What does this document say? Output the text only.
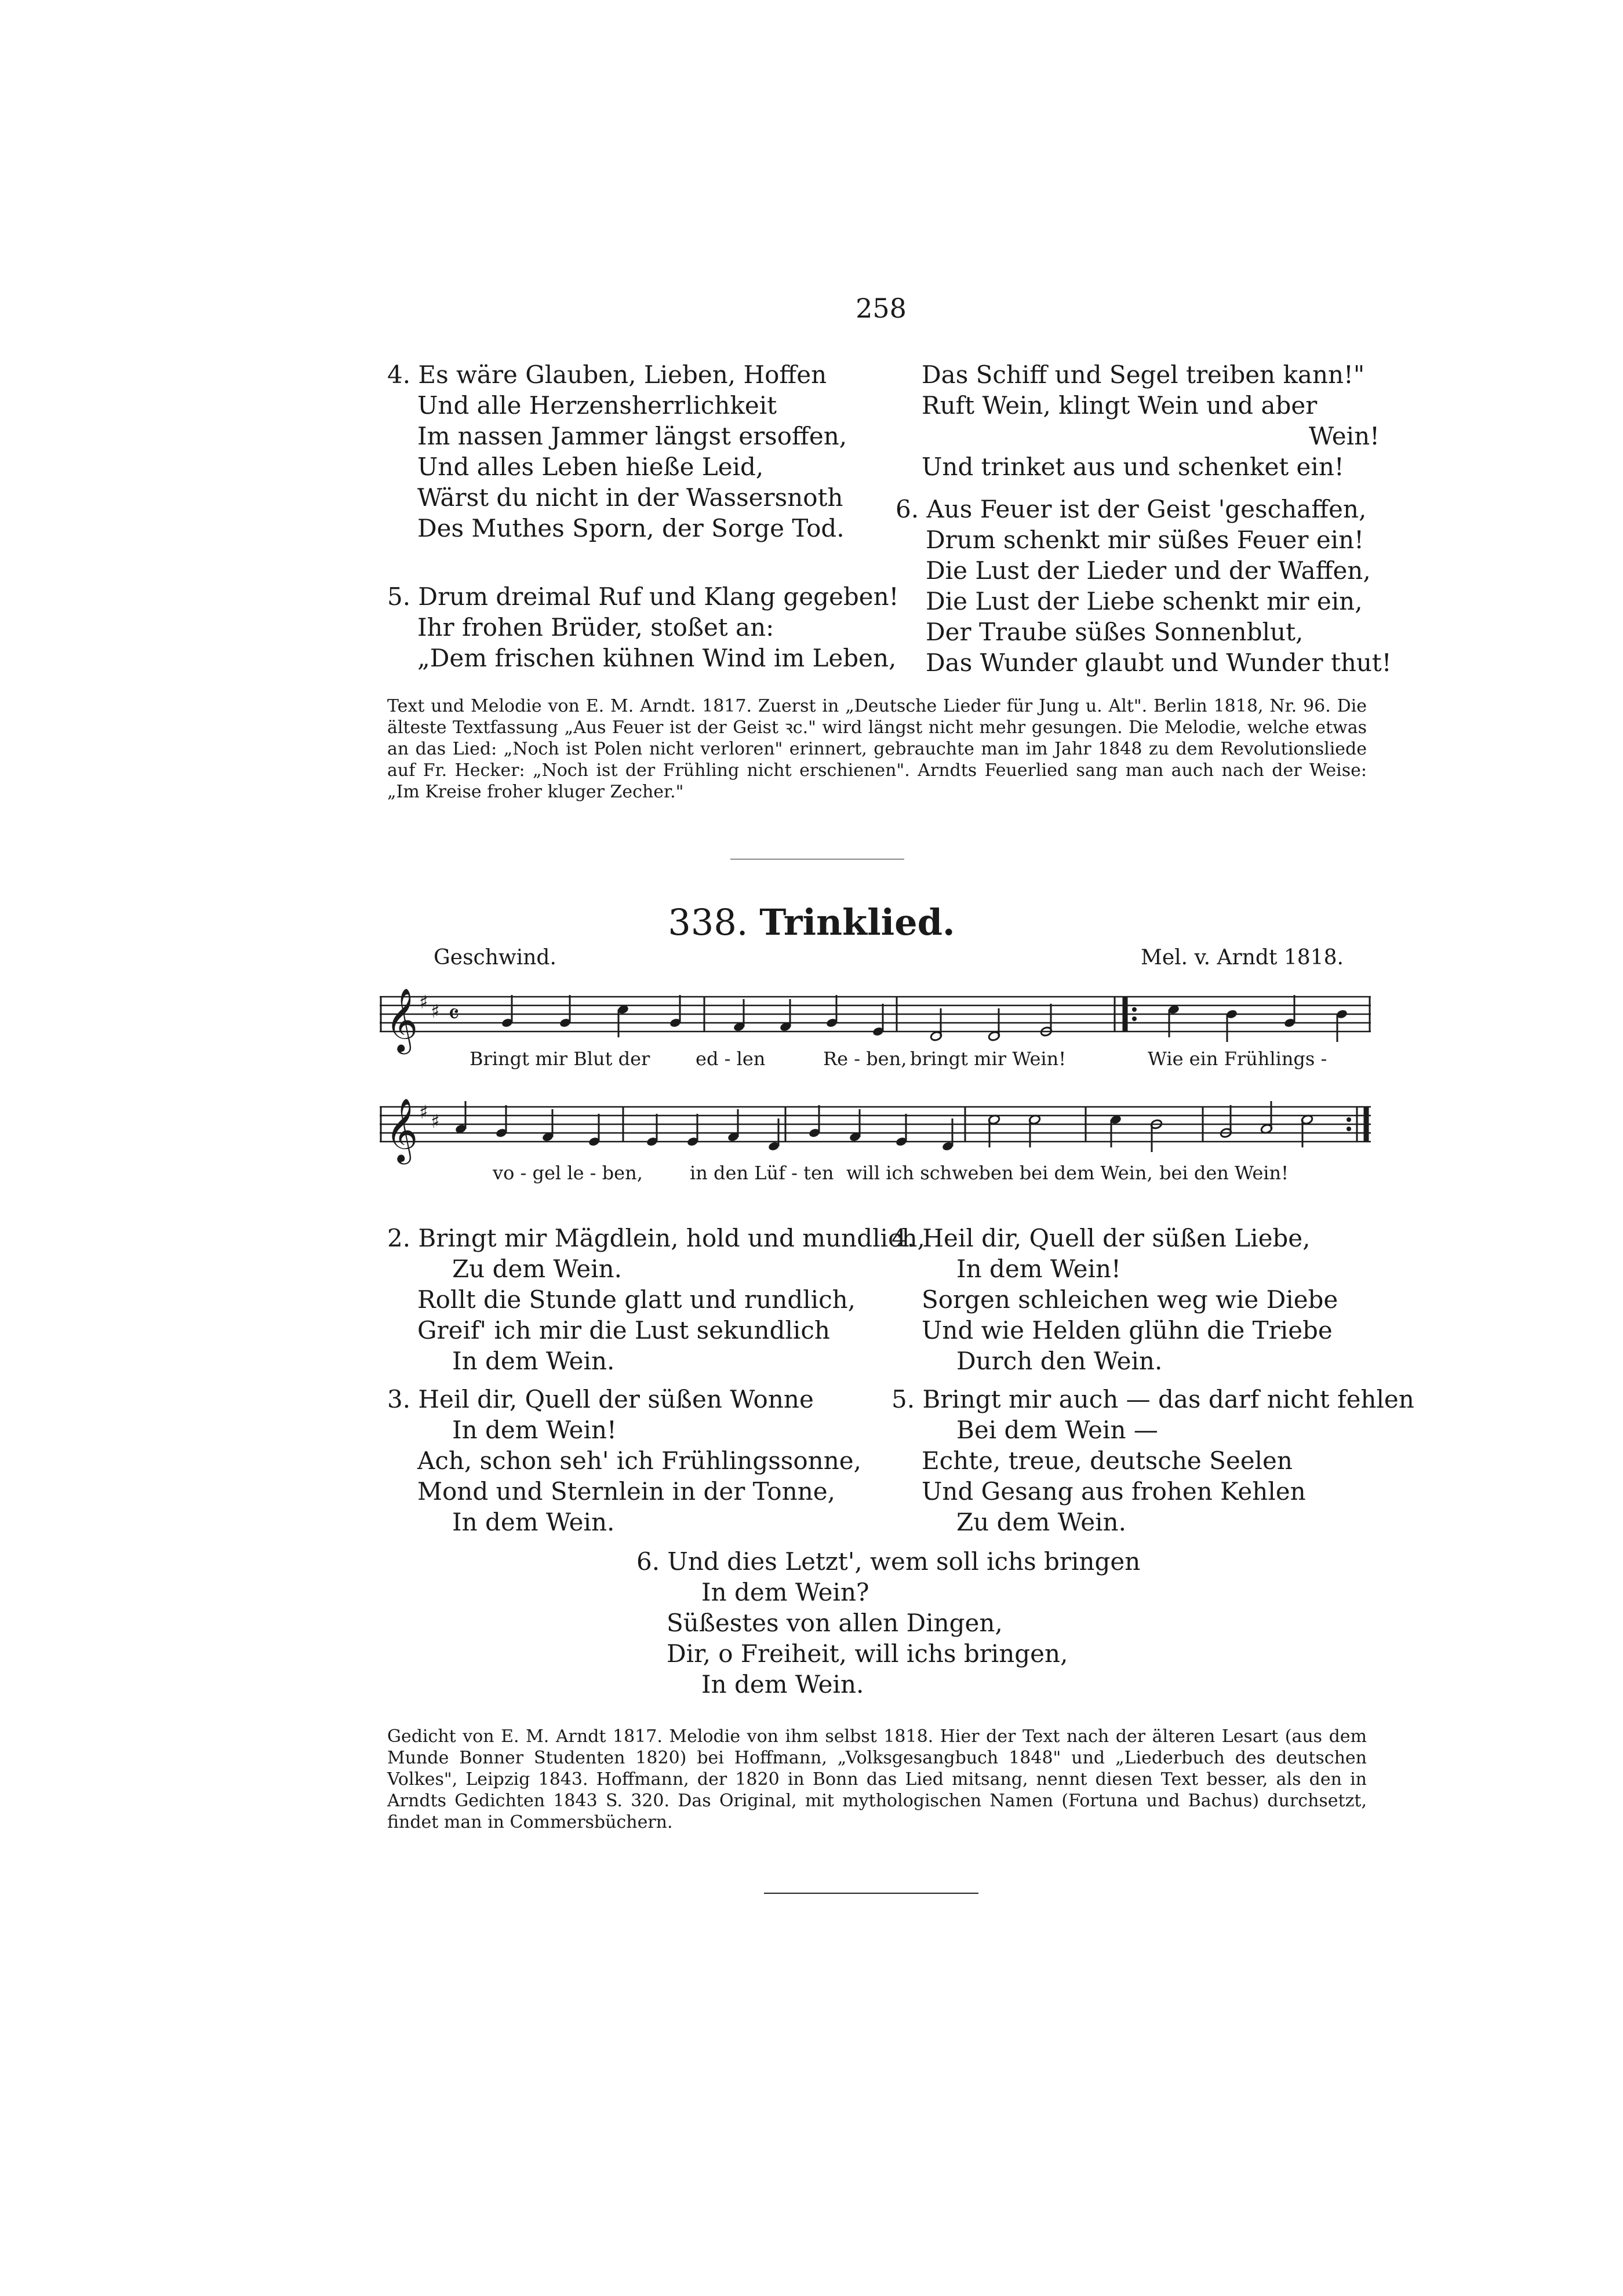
258
4. Es wäre Glauben, Lieben, Hoffen
Und alle Herzensherrlichkeit
Im nassen Jammer längst ersoffen,
Und alles Leben hieße Leid,
Wärst du nicht in der Wassersnoth
Des Muthes Sporn, der Sorge Tod.
5. Drum dreimal Ruf und Klang gegeben!
Ihr frohen Brüder, stoßet an:
„Dem frischen kühnen Wind im Leben,
Das Schiff und Segel treiben kann!"
Ruft Wein, klingt Wein und aber
Wein!
Und trinket aus und schenket ein!
6. Aus Feuer ist der Geist 'geschaffen,
Drum schenkt mir süßes Feuer ein!
Die Lust der Lieder und der Waffen,
Die Lust der Liebe schenkt mir ein,
Der Traube süßes Sonnenblut,
Das Wunder glaubt und Wunder thut!
Text und Melodie von E. M. Arndt. 1817. Zuerst in „Deutsche Lieder für Jung u. Alt". Berlin 1818, Nr. 96. Die älteste Textfassung „Aus Feuer ist der Geist ꝛc." wird längst nicht mehr gesungen. Die Melodie, welche etwas an das Lied: „Noch ist Polen nicht verloren" erinnert, gebrauchte man im Jahr 1848 zu dem Revolutionsliede auf Fr. Hecker: „Noch ist der Frühling nicht erschienen". Arndts Feuerlied sang man auch nach der Weise: „Im Kreise froher kluger Zecher."
338. Trinklied.
Geschwind.	Mel. v. Arndt 1818.
𝄞 ♯ ♯ 𝄴
Bringt mir Blut der ed - len	Re - ben, bringt mir Wein!	Wie ein Frühlings -
𝄞 ♯ ♯
vo - gel le - ben,	in den Lüf - ten will ich schweben bei dem Wein, bei den Wein!
2. Bringt mir Mägdlein, hold und mundlich,
Zu dem Wein.
Rollt die Stunde glatt und rundlich,
Greif' ich mir die Lust sekundlich
In dem Wein.
3. Heil dir, Quell der süßen Wonne
In dem Wein!
Ach, schon seh' ich Frühlingssonne,
Mond und Sternlein in der Tonne,
In dem Wein.
4. Heil dir, Quell der süßen Liebe,
In dem Wein!
Sorgen schleichen weg wie Diebe
Und wie Helden glühn die Triebe
Durch den Wein.
5. Bringt mir auch — das darf nicht fehlen
Bei dem Wein —
Echte, treue, deutsche Seelen
Und Gesang aus frohen Kehlen
Zu dem Wein.
6. Und dies Letzt', wem soll ichs bringen
In dem Wein?
Süßestes von allen Dingen,
Dir, o Freiheit, will ichs bringen,
In dem Wein.
Gedicht von E. M. Arndt 1817. Melodie von ihm selbst 1818. Hier der Text nach der älteren Lesart (aus dem Munde Bonner Studenten 1820) bei Hoffmann, „Volksgesangbuch 1848" und „Liederbuch des deutschen Volkes", Leipzig 1843. Hoffmann, der 1820 in Bonn das Lied mitsang, nennt diesen Text besser, als den in Arndts Gedichten 1843 S. 320. Das Original, mit mythologischen Namen (Fortuna und Bachus) durchsetzt, findet man in Commersbüchern.
